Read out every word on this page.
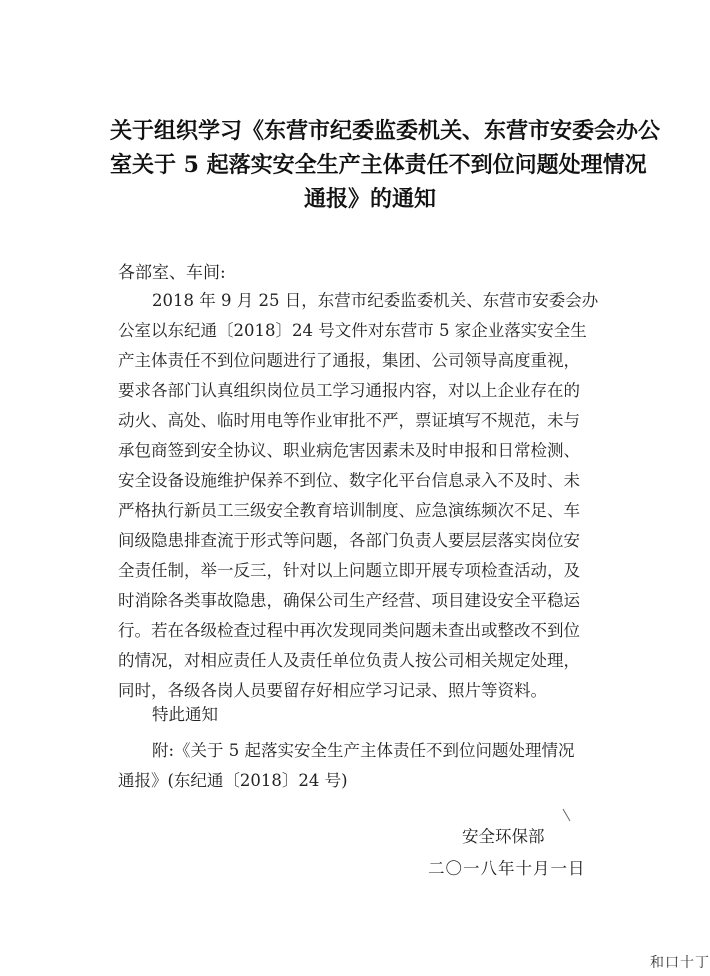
关于组织学习《东营市纪委监委机关、东营市安委会办公
室关于 5 起落实安全生产主体责任不到位问题处理情况
通报》的通知
各部室、车间:
2018 年 9 月 25 日，东营市纪委监委机关、东营市安委会办
公室以东纪通〔2018〕24 号文件对东营市 5 家企业落实安全生
产主体责任不到位问题进行了通报，集团、公司领导高度重视，
要求各部门认真组织岗位员工学习通报内容，对以上企业存在的
动火、高处、临时用电等作业审批不严，票证填写不规范，未与
承包商签到安全协议、职业病危害因素未及时申报和日常检测、
安全设备设施维护保养不到位、数字化平台信息录入不及时、未
严格执行新员工三级安全教育培训制度、应急演练频次不足、车
间级隐患排查流于形式等问题，各部门负责人要层层落实岗位安
全责任制，举一反三，针对以上问题立即开展专项检查活动，及
时消除各类事故隐患，确保公司生产经营、项目建设安全平稳运
行。若在各级检查过程中再次发现同类问题未查出或整改不到位
的情况，对相应责任人及责任单位负责人按公司相关规定处理，
同时，各级各岗人员要留存好相应学习记录、照片等资料。
特此通知
附:《关于 5 起落实安全生产主体责任不到位问题处理情况
通报》(东纪通〔2018〕24 号)
安全环保部
二〇一八年十月一日
和口十丁
